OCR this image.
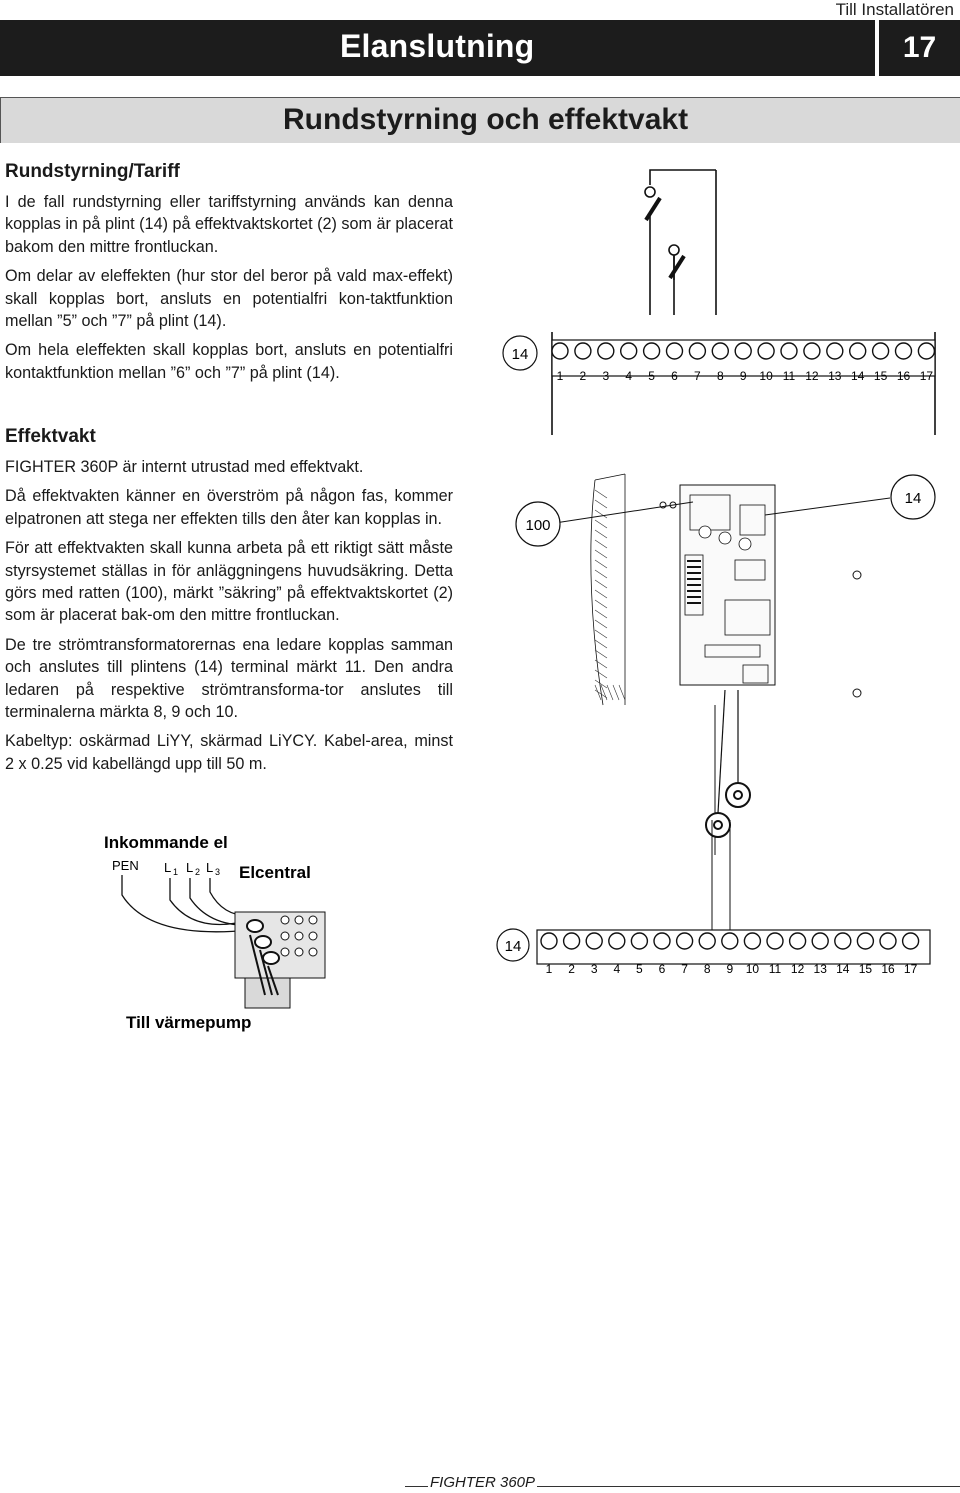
Till Installatören
Elanslutning	17
Rundstyrning och effektvakt

Rundstyrning/Tariff

I de fall rundstyrning eller tariffstyrning används kan denna kopplas in på plint (14) på effektvaktskortet (2) som är placerat bakom den mittre frontluckan.

Om delar av eleffekten (hur stor del beror på vald max-effekt) skall kopplas bort, ansluts en potentialfri kon-taktfunktion mellan ”5” och ”7” på plint (14).

Om hela eleffekten skall kopplas bort, ansluts en potentialfri kontaktfunktion mellan ”6” och ”7” på plint (14).

Effektvakt

FIGHTER 360P är internt utrustad med effektvakt.

Då effektvakten känner en överström på någon fas, kommer elpatronen att stega ner effekten tills den åter kan kopplas in.

För att effektvakten skall kunna arbeta på ett riktigt sätt måste styrsystemet ställas in för anläggningens huvudsäkring. Detta görs med ratten (100), märkt ”säkring” på effektvaktskortet (2) som är placerat bak-om den mittre frontluckan.

De tre strömtransformatorernas ena ledare kopplas samman och anslutes till plintens (14) terminal märkt 11. Den andra ledaren på respektive strömtransforma-tor anslutes till terminalerna märkta 8, 9 och 10.

Kabeltyp: oskärmad LiYY, skärmad LiYCY. Kabel-area, minst 2 x 0.25 vid kabellängd upp till 50 m.

1 2 3 4 5 6 7 8 9 10 11 12 13 14 15 16 17
14
100
14
Inkommande el
PEN L 1 L 2 L 3 Elcentral
Till värmepump
1 2 3 4 5 6 7 8 9 10 11 12 13 14 15 16 17
14
FIGHTER 360P
